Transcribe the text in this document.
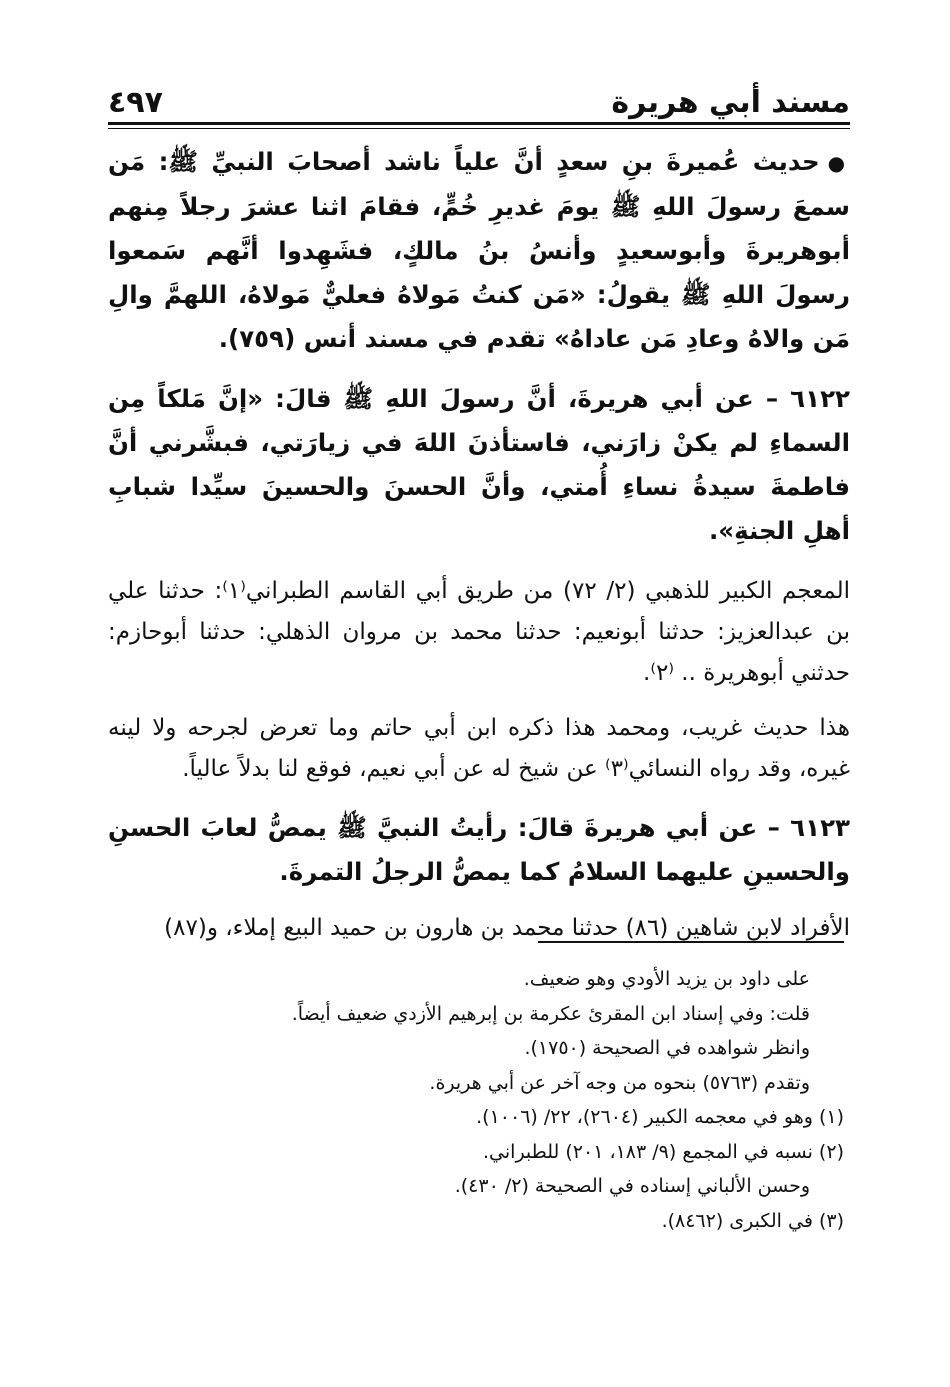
مسند أبي هريرة
٤٩٧

●حديث عُميرةَ بنِ سعدٍ أنَّ علياً ناشد أصحابَ النبيِّ ﷺ: مَن سمعَ رسولَ اللهِ ﷺ يومَ غديرِ خُمٍّ، فقامَ اثنا عشرَ رجلاً مِنهم أبوهريرةَ وأبوسعيدٍ وأنسُ بنُ مالكٍ، فشَهِدوا أنَّهم سَمعوا رسولَ اللهِ ﷺ يقولُ: «مَن كنتُ مَولاهُ فعليٌّ مَولاهُ، اللهمَّ والِ مَن والاهُ وعادِ مَن عاداهُ» تقدم في مسند أنس (٧٥٩).

٦١٢٢ – عن أبي هريرةَ، أنَّ رسولَ اللهِ ﷺ قالَ: «إنَّ مَلكاً مِن السماءِ لم يكنْ زارَني، فاستأذنَ اللهَ في زيارَتي، فبشَّرني أنَّ فاطمةَ سيدةُ نساءِ أُمتي، وأنَّ الحسنَ والحسينَ سيِّدا شبابِ أهلِ الجنةِ».

المعجم الكبير للذهبي (٢/ ٧٢) من طريق أبي القاسم الطبراني⁽١⁾: حدثنا علي بن عبدالعزيز: حدثنا أبونعيم: حدثنا محمد بن مروان الذهلي: حدثنا أبوحازم: حدثني أبوهريرة .. ⁽٢⁾.

هذا حديث غريب، ومحمد هذا ذكره ابن أبي حاتم وما تعرض لجرحه ولا لينه غيره، وقد رواه النسائي⁽٣⁾ عن شيخ له عن أبي نعيم، فوقع لنا بدلاً عالياً.

٦١٢٣ – عن أبي هريرةَ قالَ: رأيتُ النبيَّ ﷺ يمصُّ لعابَ الحسنِ والحسينِ عليهما السلامُ كما يمصُّ الرجلُ التمرةَ.

الأفراد لابن شاهين (٨٦) حدثنا محمد بن هارون بن حميد البيع إملاء، و(٨٧)

على داود بن يزيد الأودي وهو ضعيف.

قلت: وفي إسناد ابن المقرئ عكرمة بن إبرهيم الأزدي ضعيف أيضاً.

وانظر شواهده في الصحيحة (١٧٥٠).

وتقدم (٥٧٦٣) بنحوه من وجه آخر عن أبي هريرة.

(١) وهو في معجمه الكبير (٢٦٠٤)، ٢٢/ (١٠٠٦).

(٢) نسبه في المجمع (٩/ ١٨٣، ٢٠١) للطبراني.

وحسن الألباني إسناده في الصحيحة (٢/ ٤٣٠).

(٣) في الكبرى (٨٤٦٢).
